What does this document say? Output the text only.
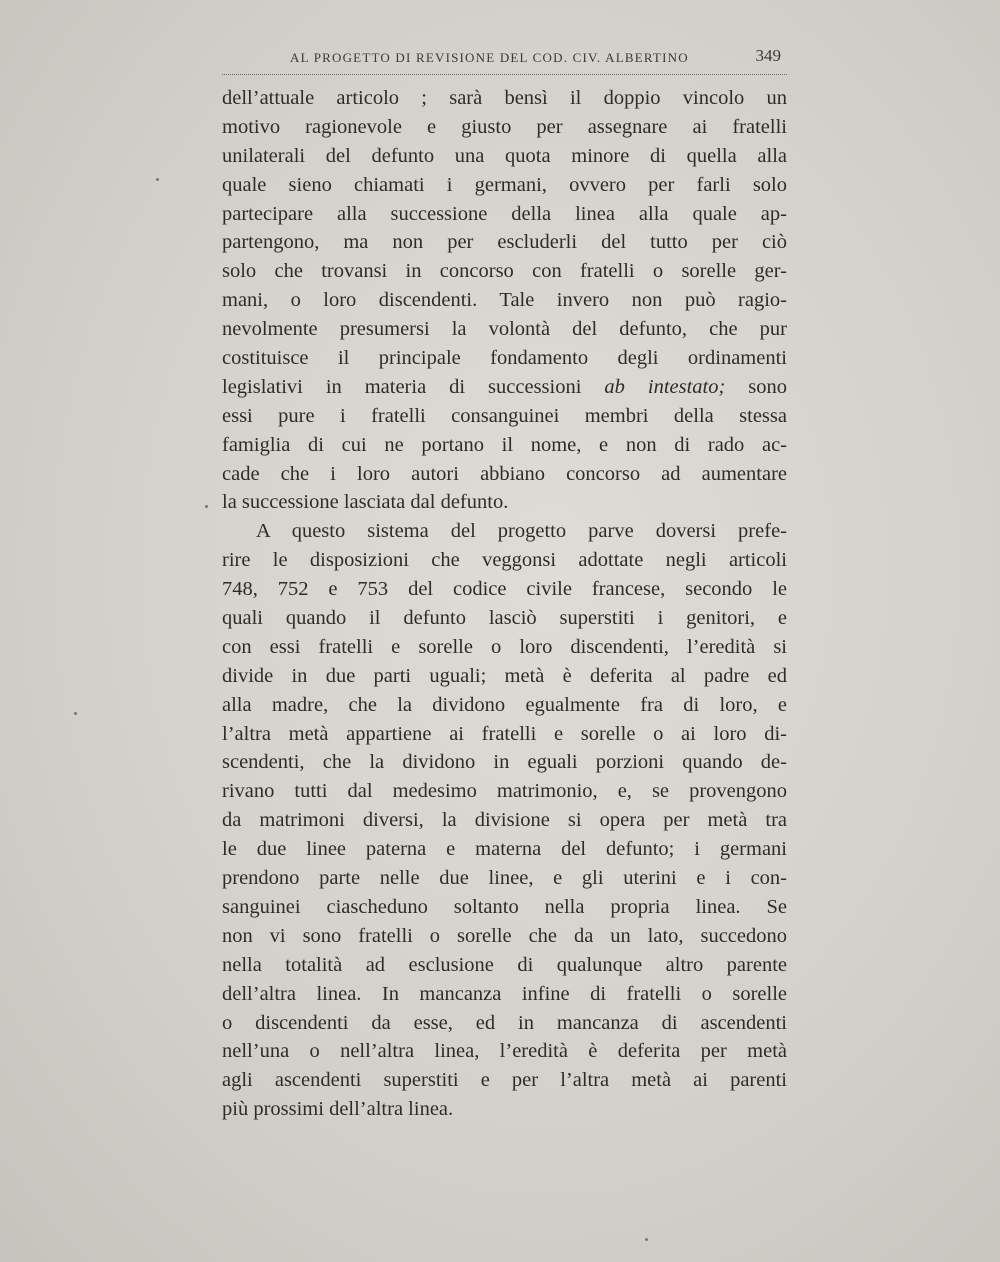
AL PROGETTO DI REVISIONE DEL COD. CIV. ALBERTINO	349
dell’attuale articolo ; sarà bensì il doppio vincolo un
motivo ragionevole e giusto per assegnare ai fratelli
unilaterali del defunto una quota minore di quella alla
quale sieno chiamati i germani, ovvero per farli solo
partecipare alla successione della linea alla quale ap-
partengono, ma non per escluderli del tutto per ciò
solo che trovansi in concorso con fratelli o sorelle ger-
mani, o loro discendenti. Tale invero non può ragio-
nevolmente presumersi la volontà del defunto, che pur
costituisce il principale fondamento degli ordinamenti
legislativi in materia di successioni ab intestato; sono
essi pure i fratelli consanguinei membri della stessa
famiglia di cui ne portano il nome, e non di rado ac-
cade che i loro autori abbiano concorso ad aumentare
la successione lasciata dal defunto.
A questo sistema del progetto parve doversi prefe-
rire le disposizioni che veggonsi adottate negli articoli
748, 752 e 753 del codice civile francese, secondo le
quali quando il defunto lasciò superstiti i genitori, e
con essi fratelli e sorelle o loro discendenti, l’eredità si
divide in due parti uguali; metà è deferita al padre ed
alla madre, che la dividono egualmente fra di loro, e
l’altra metà appartiene ai fratelli e sorelle o ai loro di-
scendenti, che la dividono in eguali porzioni quando de-
rivano tutti dal medesimo matrimonio, e, se provengono
da matrimoni diversi, la divisione si opera per metà tra
le due linee paterna e materna del defunto; i germani
prendono parte nelle due linee, e gli uterini e i con-
sanguinei ciascheduno soltanto nella propria linea. Se
non vi sono fratelli o sorelle che da un lato, succedono
nella totalità ad esclusione di qualunque altro parente
dell’altra linea. In mancanza infine di fratelli o sorelle
o discendenti da esse, ed in mancanza di ascendenti
nell’una o nell’altra linea, l’eredità è deferita per metà
agli ascendenti superstiti e per l’altra metà ai parenti
più prossimi dell’altra linea.
